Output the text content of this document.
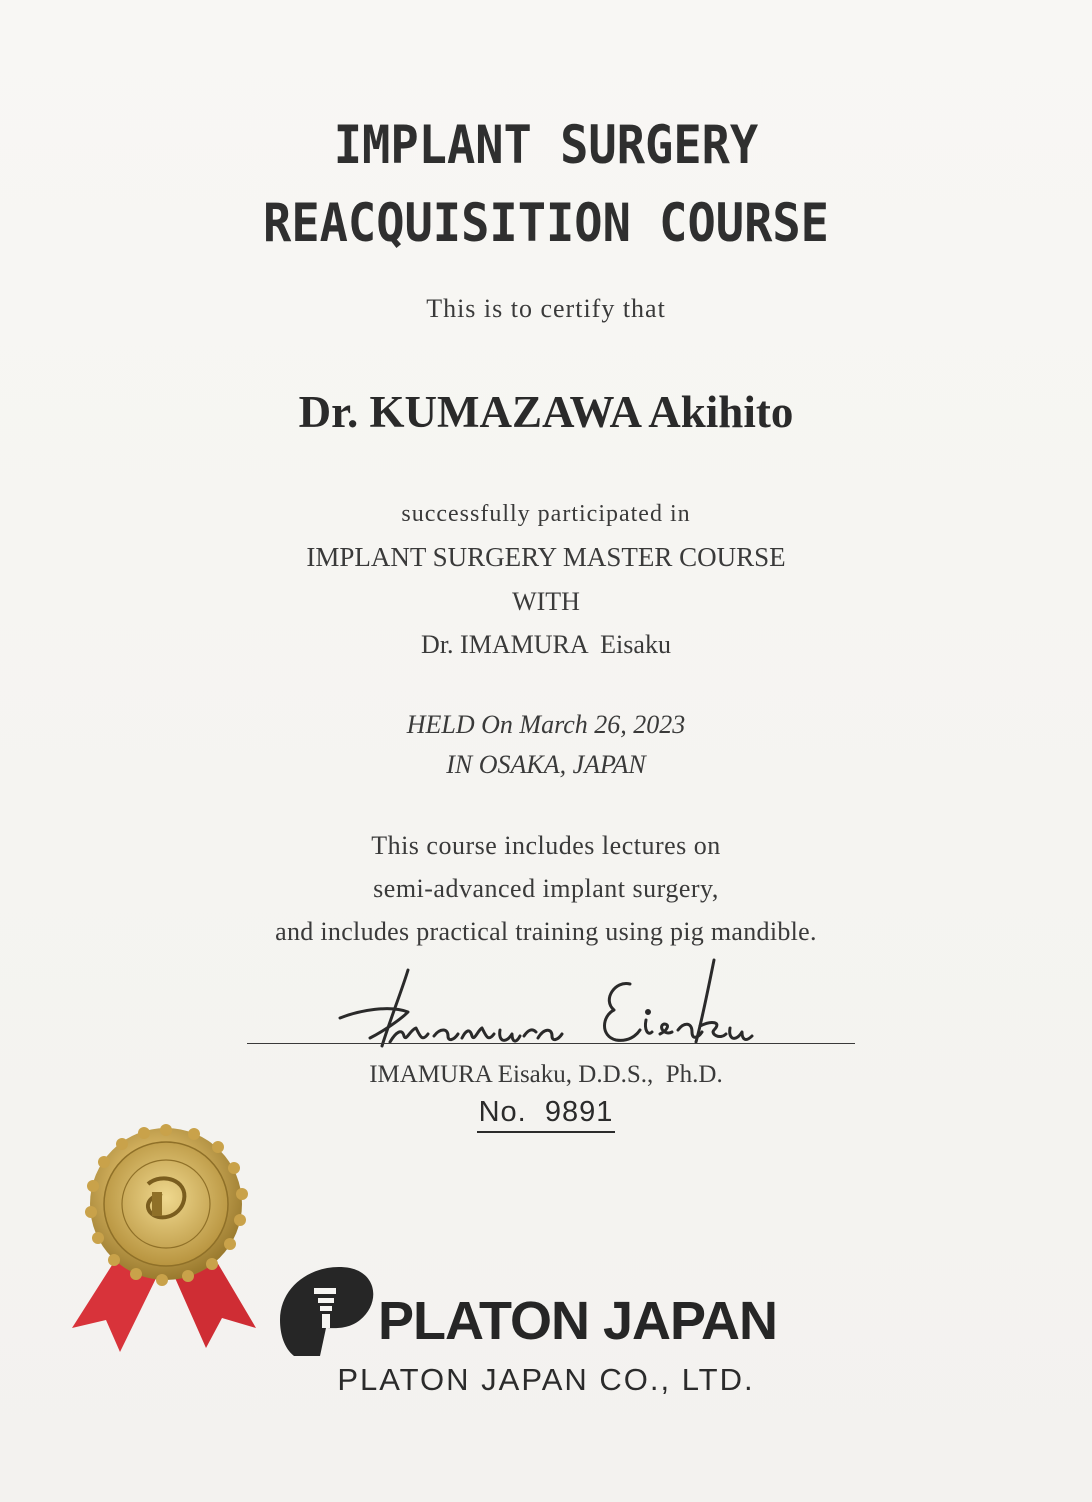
IMPLANT SURGERY
REACQUISITION COURSE
This is to certify that
Dr. KUMAZAWA Akihito
successfully participated in
IMPLANT SURGERY MASTER COURSE
WITH
Dr. IMAMURA  Eisaku
HELD On March 26, 2023
IN OSAKA, JAPAN
This course includes lectures on
semi-advanced implant surgery,
and includes practical training using pig mandible.
IMAMURA Eisaku, D.D.S.,  Ph.D.
No. 9891
PLATON JAPAN
PLATON JAPAN CO., LTD.
